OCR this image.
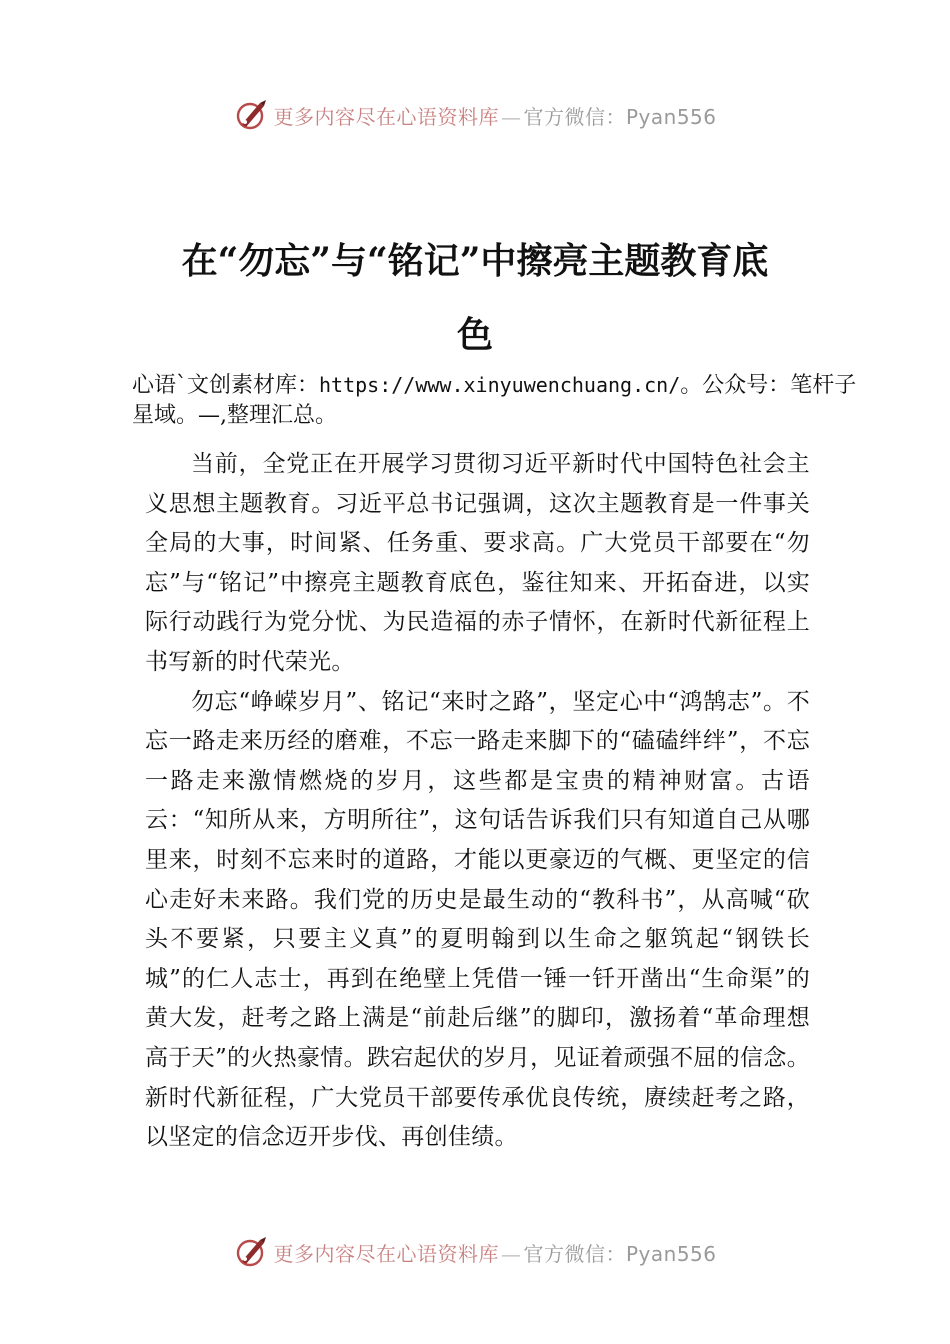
更多内容尽在心语资料库 — 官方微信：Pyan556
在“勿忘”与“铭记”中擦亮主题教育底
色
心语`文创素材库：https://www.xinyuwenchuang.cn/。公众号：笔杆子星域。—,整理汇总。

当前，全党正在开展学习贯彻习近平新时代中国特色社会主义思想主题教育。习近平总书记强调，这次主题教育是一件事关全局的大事，时间紧、任务重、要求高。广大党员干部要在“勿忘”与“铭记”中擦亮主题教育底色，鉴往知来、开拓奋进，以实际行动践行为党分忧、为民造福的赤子情怀，在新时代新征程上书写新的时代荣光。

勿忘“峥嵘岁月”、铭记“来时之路”，坚定心中“鸿鹄志”。不忘一路走来历经的磨难，不忘一路走来脚下的“磕磕绊绊”，不忘一路走来激情燃烧的岁月，这些都是宝贵的精神财富。古语云：“知所从来，方明所往”，这句话告诉我们只有知道自己从哪里来，时刻不忘来时的道路，才能以更豪迈的气概、更坚定的信心走好未来路。我们党的历史是最生动的“教科书”，从高喊“砍头不要紧，只要主义真”的夏明翰到以生命之躯筑起“钢铁长城”的仁人志士，再到在绝壁上凭借一锤一钎开凿出“生命渠”的黄大发，赶考之路上满是“前赴后继”的脚印，激扬着“革命理想高于天”的火热豪情。跌宕起伏的岁月，见证着顽强不屈的信念。新时代新征程，广大党员干部要传承优良传统，赓续赶考之路，以坚定的信念迈开步伐、再创佳绩。

更多内容尽在心语资料库 — 官方微信：Pyan556
